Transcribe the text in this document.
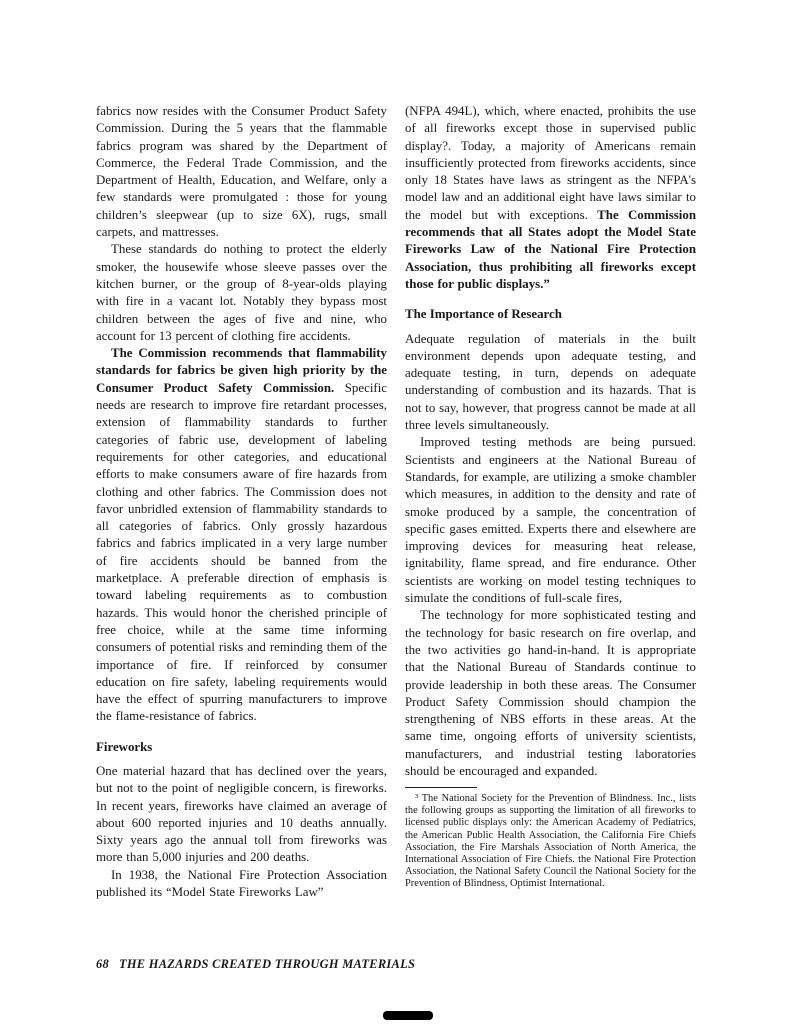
fabrics now resides with the Consumer Product Safety Commission. During the 5 years that the flammable fabrics program was shared by the Department of Commerce, the Federal Trade Commission, and the Department of Health, Education, and Welfare, only a few standards were promulgated : those for young children’s sleepwear (up to size 6X), rugs, small carpets, and mattresses.

These standards do nothing to protect the elderly smoker, the housewife whose sleeve passes over the kitchen burner, or the group of 8-year-olds playing with fire in a vacant lot. Notably they bypass most children between the ages of five and nine, who account for 13 percent of clothing fire accidents.

The Commission recommends that flammability standards for fabrics be given high priority by the Consumer Product Safety Commission. Specific needs are research to improve fire retardant processes, extension of flammability standards to further categories of fabric use, development of labeling requirements for other categories, and educational efforts to make consumers aware of fire hazards from clothing and other fabrics. The Commission does not favor unbridled extension of flammability standards to all categories of fabrics. Only grossly hazardous fabrics and fabrics implicated in a very large number of fire accidents should be banned from the marketplace. A preferable direction of emphasis is toward labeling requirements as to combustion hazards. This would honor the cherished principle of free choice, while at the same time informing consumers of potential risks and reminding them of the importance of fire. If reinforced by consumer education on fire safety, labeling requirements would have the effect of spurring manufacturers to improve the flame-resistance of fabrics.

Fireworks

One material hazard that has declined over the years, but not to the point of negligible concern, is fireworks. In recent years, fireworks have claimed an average of about 600 reported injuries and 10 deaths annually. Sixty years ago the annual toll from fireworks was more than 5,000 injuries and 200 deaths.

In 1938, the National Fire Protection Association published its “Model State Fireworks Law”

(NFPA 494L), which, where enacted, prohibits the use of all fireworks except those in supervised public display?. Today, a majority of Americans remain insufficiently protected from fireworks accidents, since only 18 States have laws as stringent as the NFPA's model law and an additional eight have laws similar to the model but with exceptions. The Commission recommends that all States adopt the Model State Fireworks Law of the National Fire Protection Association, thus prohibiting all fireworks except those for public displays.”

The Importance of Research

Adequate regulation of materials in the built environment depends upon adequate testing, and adequate testing, in turn, depends on adequate understanding of combustion and its hazards. That is not to say, however, that progress cannot be made at all three levels simultaneously.

Improved testing methods are being pursued. Scientists and engineers at the National Bureau of Standards, for example, are utilizing a smoke chambler which measures, in addition to the density and rate of smoke produced by a sample, the concentration of specific gases emitted. Experts there and elsewhere are improving devices for measuring heat release, ignitability, flame spread, and fire endurance. Other scientists are working on model testing techniques to simulate the conditions of full-scale fires,

The technology for more sophisticated testing and the technology for basic research on fire overlap, and the two activities go hand-in-hand. It is appropriate that the National Bureau of Standards continue to provide leadership in both these areas. The Consumer Product Safety Commission should champion the strengthening of NBS efforts in these areas. At the same time, ongoing efforts of university scientists, manufacturers, and industrial testing laboratories should be encouraged and expanded.

³ The National Society for the Prevention of Blindness. Inc., lists the following groups as supporting the limitation of all fireworks to licensed public displays only: the American Academy of Pediatrics, the American Public Health Association, the California Fire Chiefs Association, the Fire Marshals Association of North America, the International Association of Fire Chiefs. the National Fire Protection Association, the National Safety Council the National Society for the Prevention of Blindness, Optimist International.

68 THE HAZARDS CREATED THROUGH MATERIALS
